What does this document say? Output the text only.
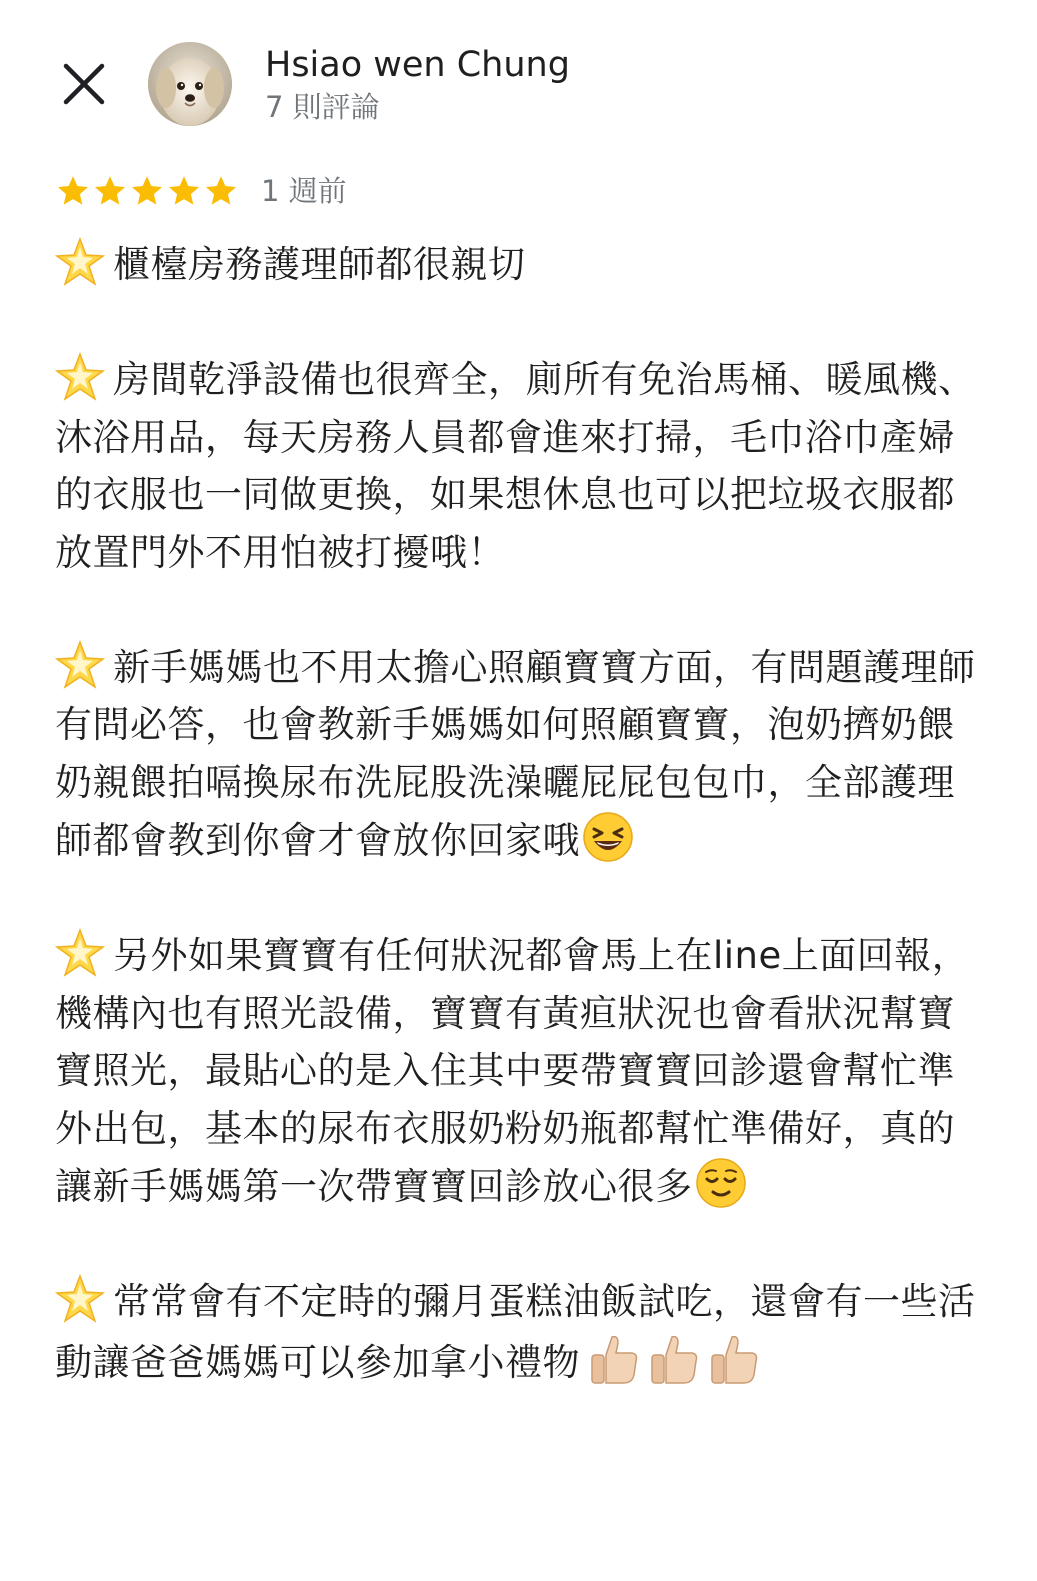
Hsiao wen Chung
7 則評論
1 週前

櫃檯房務護理師都很親切

房間乾淨設備也很齊全，廁所有免治馬桶、暖風機、沐浴用品，每天房務人員都會進來打掃，毛巾浴巾產婦的衣服也一同做更換，如果想休息也可以把垃圾衣服都放置門外不用怕被打擾哦！

新手媽媽也不用太擔心照顧寶寶方面，有問題護理師有問必答，也會教新手媽媽如何照顧寶寶，泡奶擠奶餵奶親餵拍嗝換尿布洗屁股洗澡曬屁屁包包巾，全部護理師都會教到你會才會放你回家哦

另外如果寶寶有任何狀況都會馬上在line上面回報，機構內也有照光設備，寶寶有黃疸狀況也會看狀況幫寶寶照光，最貼心的是入住其中要帶寶寶回診還會幫忙準外出包，基本的尿布衣服奶粉奶瓶都幫忙準備好，真的讓新手媽媽第一次帶寶寶回診放心很多

常常會有不定時的彌月蛋糕油飯試吃，還會有一些活動讓爸爸媽媽可以參加拿小禮物
